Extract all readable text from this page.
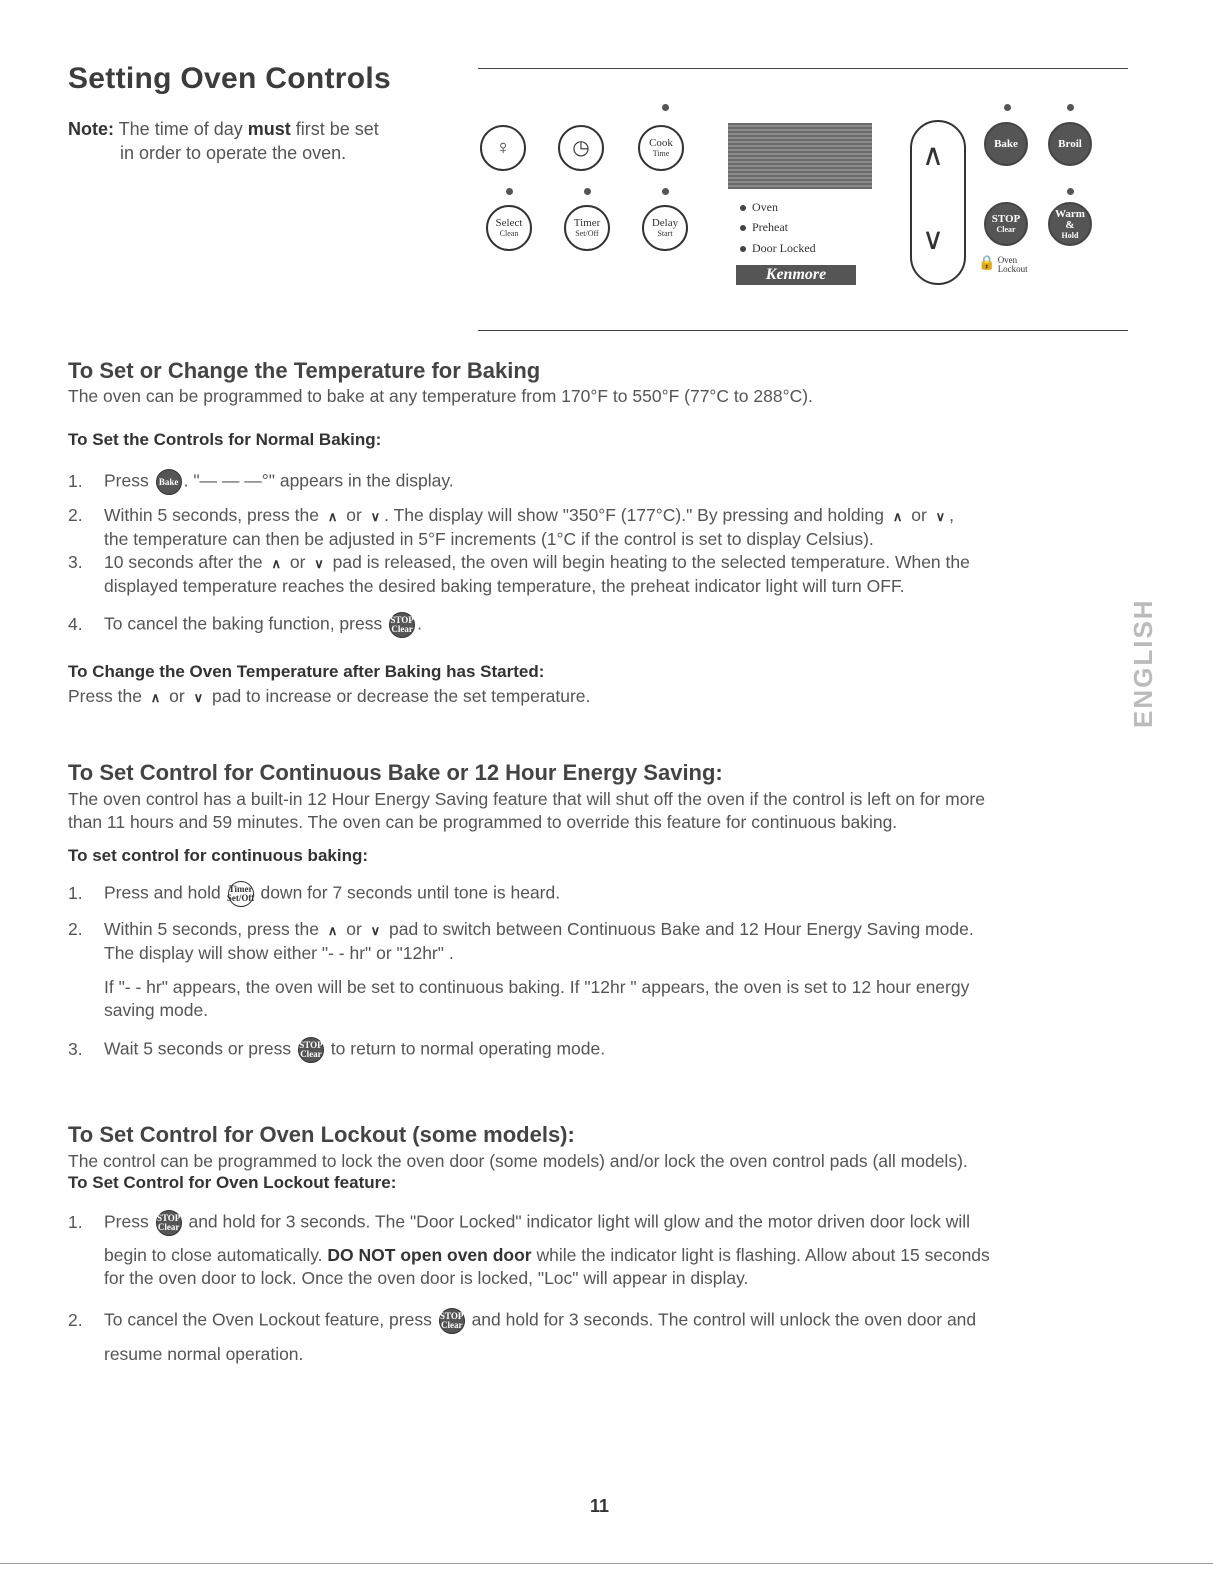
Setting Oven Controls
Note: The time of day must first be set
in order to operate the oven.	♀	◷	Cook
Time
Select
Clean
Timer
Set/Off
Delay
Start
Oven
Preheat
Door Locked
Kenmore
∧
∨
Bake	Broil
STOP
Clear
Warm &
Hold
🔒 Oven
Lockout
To Set or Change the Temperature for Baking
The oven can be programmed to bake at any temperature from 170°F to 550°F (77°C to 288°C).
To Set the Controls for Normal Baking:
1. Press Bake . "— — —°" appears in the display.
2. Within 5 seconds, press the ∧ or ∨ . The display will show "350°F (177°C)." By pressing and holding ∧ or ∨ ,
the temperature can then be adjusted in 5°F increments (1°C if the control is set to display Celsius).
3. 10 seconds after the ∧ or ∨ pad is released, the oven will begin heating to the selected temperature. When the
displayed temperature reaches the desired baking temperature, the preheat indicator light will turn OFF.
4. To cancel the baking function, press STOP
Clear .
To Change the Oven Temperature after Baking has Started:
Press the ∧ or ∨ pad to increase or decrease the set temperature.	ENGLISH
To Set Control for Continuous Bake or 12 Hour Energy Saving:
The oven control has a built-in 12 Hour Energy Saving feature that will shut off the oven if the control is left on for more
than 11 hours and 59 minutes. The oven can be programmed to override this feature for continuous baking.
To set control for continuous baking:
1. Press and hold Timer
Set/Off down for 7 seconds until tone is heard.
2. Within 5 seconds, press the ∧ or ∨ pad to switch between Continuous Bake and 12 Hour Energy Saving mode.
The display will show either "- - hr" or "12hr" .
If "- - hr" appears, the oven will be set to continuous baking. If "12hr " appears, the oven is set to 12 hour energy
saving mode.
3. Wait 5 seconds or press STOP
Clear to return to normal operating mode.
To Set Control for Oven Lockout (some models):
The control can be programmed to lock the oven door (some models) and/or lock the oven control pads (all models).
To Set Control for Oven Lockout feature:
1. Press STOP
Clear and hold for 3 seconds. The "Door Locked" indicator light will glow and the motor driven door lock will
begin to close automatically. DO NOT open oven door while the indicator light is flashing. Allow about 15 seconds
for the oven door to lock. Once the oven door is locked, "Loc" will appear in display.
2. To cancel the Oven Lockout feature, press STOP
Clear and hold for 3 seconds. The control will unlock the oven door and
resume normal operation.
11
